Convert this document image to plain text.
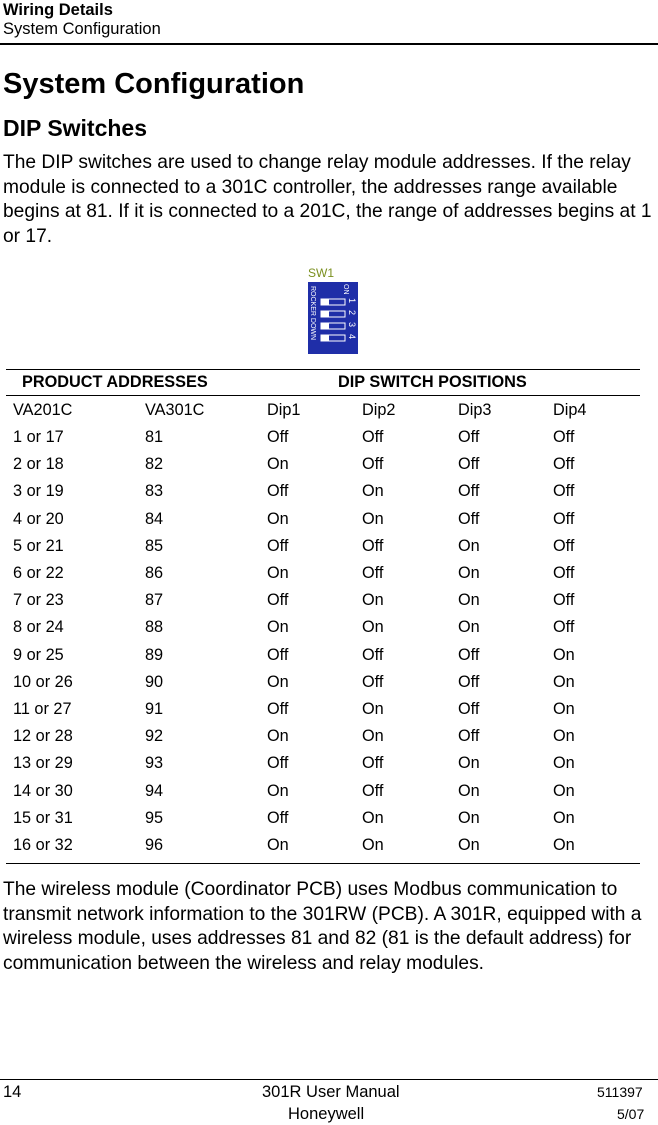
Wiring Details
System Configuration
System Configuration
DIP Switches

The DIP switches are used to change relay module addresses. If the relay module is connected to a 301C controller, the addresses range available begins at 81. If it is connected to a 201C, the range of addresses begins at 1 or 17.

SW1
ROCKER DOWN	ON
1
2
3
4
PRODUCT ADDRESSES	DIP SWITCH POSITIONS
VA201C	VA301C	Dip1	Dip2	Dip3	Dip4
1 or 17	81	Off	Off	Off	Off
2 or 18	82	On	Off	Off	Off
3 or 19	83	Off	On	Off	Off
4 or 20	84	On	On	Off	Off
5 or 21	85	Off	Off	On	Off
6 or 22	86	On	Off	On	Off
7 or 23	87	Off	On	On	Off
8 or 24	88	On	On	On	Off
9 or 25	89	Off	Off	Off	On
10 or 26	90	On	Off	Off	On
11 or 27	91	Off	On	Off	On
12 or 28	92	On	On	Off	On
13 or 29	93	Off	Off	On	On
14 or 30	94	On	Off	On	On
15 or 31	95	Off	On	On	On
16 or 32	96	On	On	On	On

The wireless module (Coordinator PCB) uses Modbus communication to transmit network information to the 301RW (PCB). A 301R, equipped with a wireless module, uses addresses 81 and 82 (81 is the default address) for communication between the wireless and relay modules.

14	301R User Manual
Honeywell
511397
5/07
